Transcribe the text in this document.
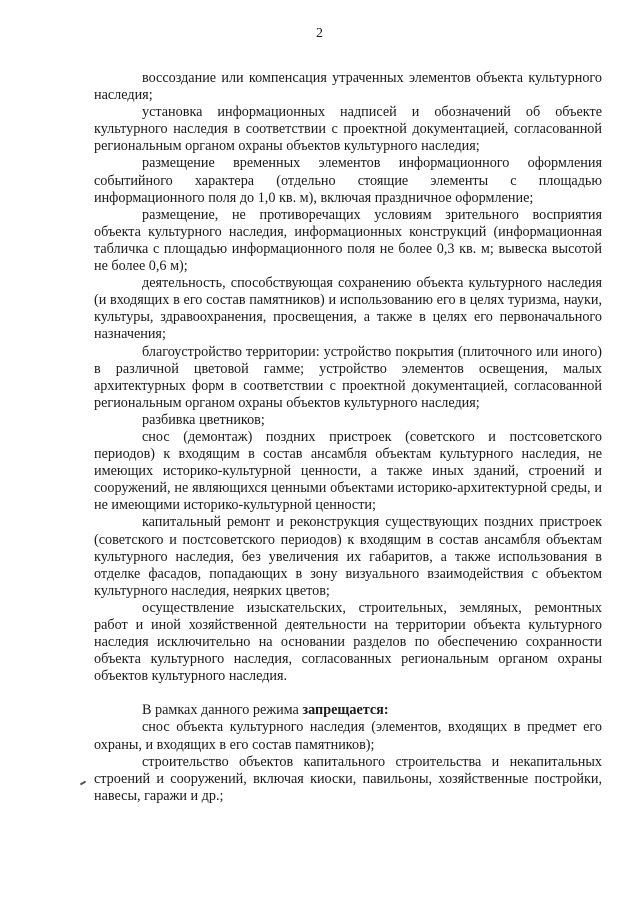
2

воссоздание или компенсация утраченных элементов объекта культурного наследия;

установка информационных надписей и обозначений об объекте культурного наследия в соответствии с проектной документацией, согласованной региональным органом охраны объектов культурного наследия;

размещение временных элементов информационного оформления событийного характера (отдельно стоящие элементы с площадью информационного поля до 1,0 кв. м), включая праздничное оформление;

размещение, не противоречащих условиям зрительного восприятия объекта культурного наследия, информационных конструкций (информационная табличка с площадью информационного поля не более 0,3 кв. м; вывеска высотой не более 0,6 м);

деятельность, способствующая сохранению объекта культурного наследия (и входящих в его состав памятников) и использованию его в целях туризма, науки, культуры, здравоохранения, просвещения, а также в целях его первоначального назначения;

благоустройство территории: устройство покрытия (плиточного или иного) в различной цветовой гамме; устройство элементов освещения, малых архитектурных форм в соответствии с проектной документацией, согласованной региональным органом охраны объектов культурного наследия;

разбивка цветников;

снос (демонтаж) поздних пристроек (советского и постсоветского периодов) к входящим в состав ансамбля объектам культурного наследия, не имеющих историко-культурной ценности, а также иных зданий, строений и сооружений, не являющихся ценными объектами историко-архитектурной среды, и не имеющими историко-культурной ценности;

капитальный ремонт и реконструкция существующих поздних пристроек (советского и постсоветского периодов) к входящим в состав ансамбля объектам культурного наследия, без увеличения их габаритов, а также использования в отделке фасадов, попадающих в зону визуального взаимодействия с объектом культурного наследия, неярких цветов;

осуществление изыскательских, строительных, земляных, ремонтных работ и иной хозяйственной деятельности на территории объекта культурного наследия исключительно на основании разделов по обеспечению сохранности объекта культурного наследия, согласованных региональным органом охраны объектов культурного наследия.

В рамках данного режима запрещается:

снос объекта культурного наследия (элементов, входящих в предмет его охраны, и входящих в его состав памятников);

строительство объектов капитального строительства и некапитальных строений и сооружений, включая киоски, павильоны, хозяйственные постройки, навесы, гаражи и др.;
